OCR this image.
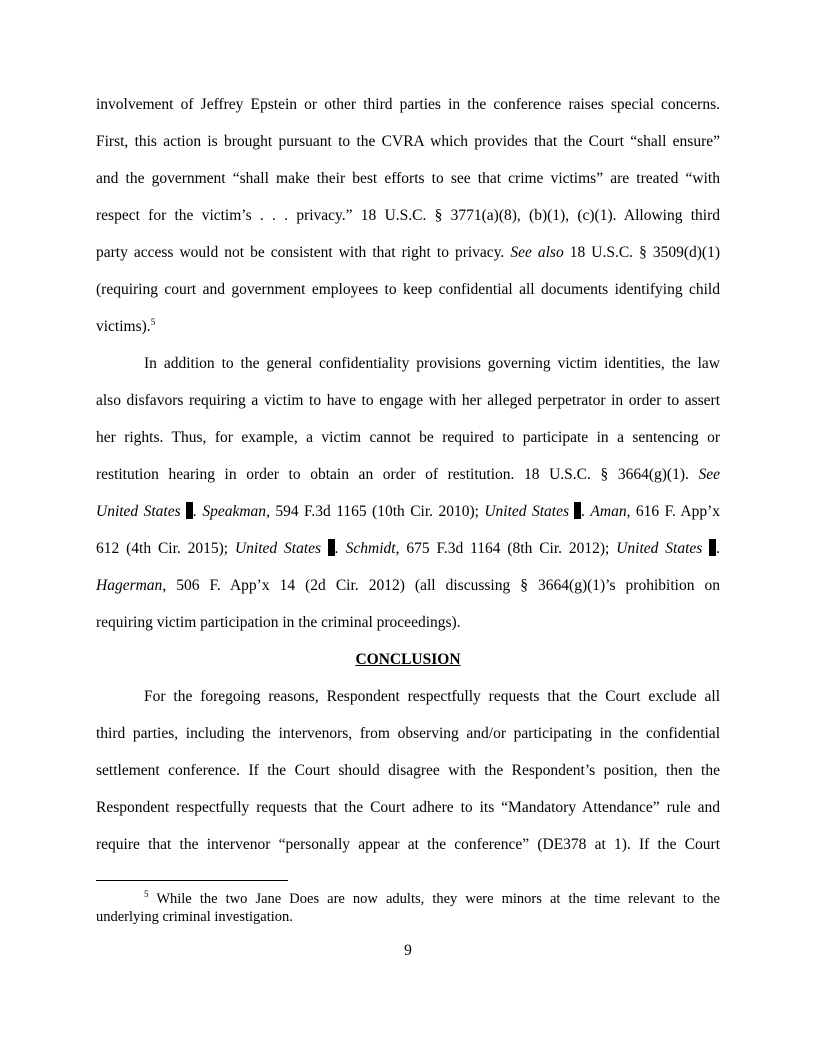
involvement of Jeffrey Epstein or other third parties in the conference raises special concerns.
First, this action is brought pursuant to the CVRA which provides that the Court “shall ensure”
and the government “shall make their best efforts to see that crime victims” are treated “with
respect for the victim’s . . . privacy.” 18 U.S.C. § 3771(a)(8), (b)(1), (c)(1). Allowing third
party access would not be consistent with that right to privacy. See also 18 U.S.C. § 3509(d)(1)
(requiring court and government employees to keep confidential all documents identifying child
victims).$^5$
In addition to the general confidentiality provisions governing victim identities, the law
also disfavors requiring a victim to have to engage with her alleged perpetrator in order to assert
her rights. Thus, for example, a victim cannot be required to participate in a sentencing or
restitution hearing in order to obtain an order of restitution. 18 U.S.C. § 3664(g)(1). See
United States . Speakman, 594 F.3d 1165 (10th Cir. 2010); United States . Aman, 616 F. App’x
612 (4th Cir. 2015); United States . Schmidt, 675 F.3d 1164 (8th Cir. 2012); United States .
Hagerman, 506 F. App’x 14 (2d Cir. 2012) (all discussing § 3664(g)(1)’s prohibition on
requiring victim participation in the criminal proceedings).
CONCLUSION
For the foregoing reasons, Respondent respectfully requests that the Court exclude all
third parties, including the intervenors, from observing and/or participating in the confidential
settlement conference. If the Court should disagree with the Respondent’s position, then the
Respondent respectfully requests that the Court adhere to its “Mandatory Attendance” rule and
require that the intervenor “personally appear at the conference” (DE378 at 1). If the Court
$^5$ While the two Jane Does are now adults, they were minors at the time relevant to the
underlying criminal investigation.
9
